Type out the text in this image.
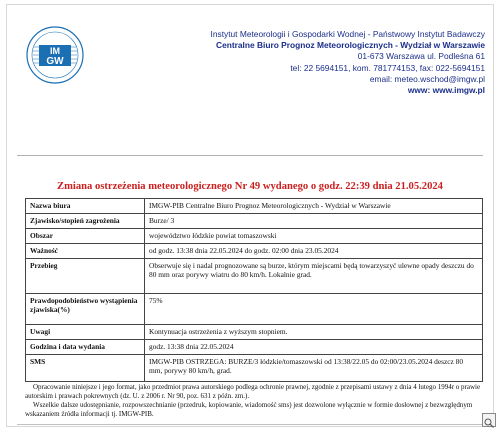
IM
GW
Instytut Meteorologii i Gospodarki Wodnej - Państwowy Instytut Badawczy
Centralne Biuro Prognoz Meteorologicznych - Wydział w Warszawie
01-673 Warszawa ul. Podleśna 61
tel: 22 5694151, kom. 781774153, fax: 022-5694151
email: meteo.wschod@imgw.pl
www: www.imgw.pl
Zmiana ostrzeżenia meteorologicznego Nr 49 wydanego o godz. 22:39 dnia 21.05.2024
Nazwa biura	IMGW-PIB Centralne Biuro Prognoz Meteorologicznych - Wydział w Warszawie
Zjawisko/stopień zagrożenia	Burze/ 3
Obszar	województwo łódzkie powiat tomaszowski
Ważność	od godz. 13:38 dnia 22.05.2024 do godz. 02:00 dnia 23.05.2024
Przebieg	Obserwuje się i nadal prognozowane są burze, którym miejscami będą towarzyszyć ulewne opady deszczu do 80 mm oraz porywy wiatru do 80 km/h. Lokalnie grad.
Prawdopodobieństwo wystąpienia zjawiska(%)	75%
Uwagi	Kontynuacja ostrzeżenia z wyższym stopniem.
Godzina i data wydania	godz. 13:38 dnia 22.05.2024
SMS	IMGW-PIB OSTRZEGA: BURZE/3 łódzkie/tomaszowski od 13:38/22.05 do 02:00/23.05.2024 deszcz 80 mm, porywy 80 km/h, grad.

Opracowanie niniejsze i jego format, jako przedmiot prawa autorskiego podlega ochronie prawnej, zgodnie z przepisami ustawy z dnia 4 lutego 1994r o prawie autorskim i prawach pokrewnych (dz. U. z 2006 r. Nr 90, poz. 631 z późn. zm.).

Wszelkie dalsze udostępnianie, rozpowszechnianie (przedruk, kopiowanie, wiadomość sms) jest dozwolone wyłącznie w formie dosłownej z bezwzględnym wskazaniem źródła informacji tj. IMGW-PIB.
